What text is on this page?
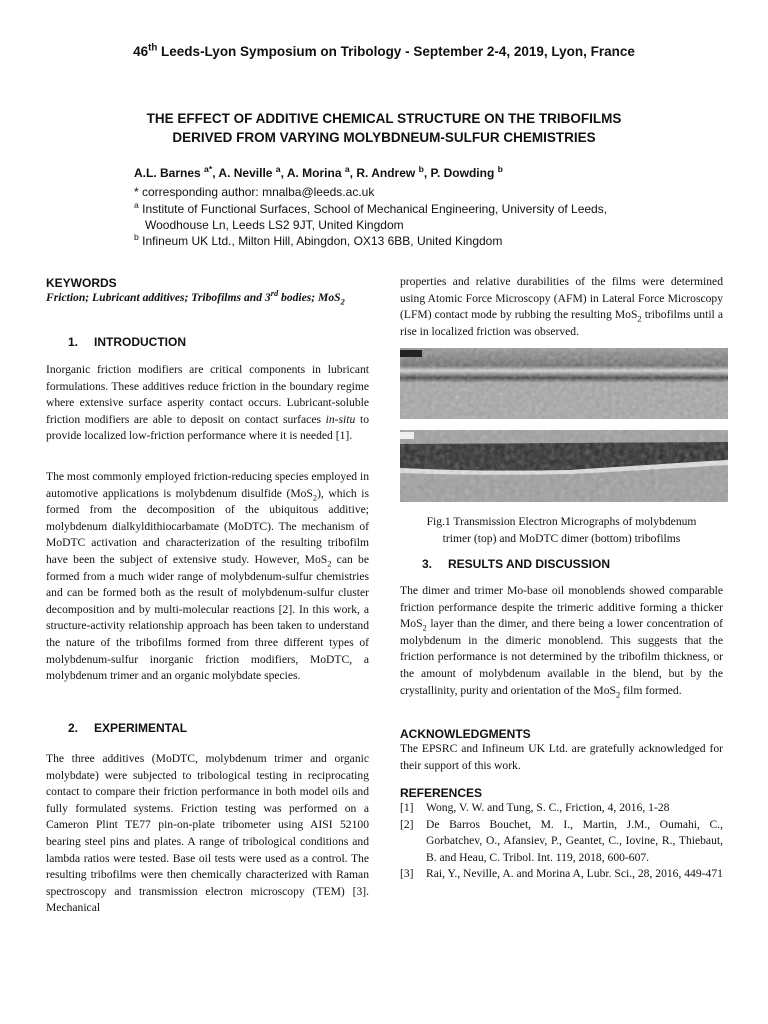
46th Leeds-Lyon Symposium on Tribology - September 2-4, 2019, Lyon, France
THE EFFECT OF ADDITIVE CHEMICAL STRUCTURE ON THE TRIBOFILMS
DERIVED FROM VARYING MOLYBDNEUM-SULFUR CHEMISTRIES
A.L. Barnes $^{a*}$, A. Neville $^a$, A. Morina $^a$, R. Andrew $^b$, P. Dowding $^b$
* corresponding author: mnalba@leeds.ac.uk
$^a$ Institute of Functional Surfaces, School of Mechanical Engineering, University of Leeds,
Woodhouse Ln, Leeds LS2 9JT, United Kingdom
$^b$ Infineum UK Ltd., Milton Hill, Abingdon, OX13 6BB, United Kingdom
KEYWORDS
Friction; Lubricant additives; Tribofilms and 3rd bodies; MoS$_2$
1. INTRODUCTION
Inorganic friction modifiers are critical components in lubricant formulations. These additives reduce friction in the boundary regime where extensive surface asperity contact occurs. Lubricant-soluble friction modifiers are able to deposit on contact surfaces in-situ to provide localized low-friction performance where it is needed [1].
The most commonly employed friction-reducing species employed in automotive applications is molybdenum disulfide (MoS$_2$), which is formed from the decomposition of the ubiquitous additive; molybdenum dialkyldithiocarbamate (MoDTC). The mechanism of MoDTC activation and characterization of the resulting tribofilm have been the subject of extensive study. However, MoS$_2$ can be formed from a much wider range of molybdenum-sulfur chemistries and can be formed both as the result of molybdenum-sulfur cluster decomposition and by multi-molecular reactions [2]. In this work, a structure-activity relationship approach has been taken to understand the nature of the tribofilms formed from three different types of molybdenum-sulfur inorganic friction modifiers, MoDTC, a molybdenum trimer and an organic molybdate species.
2. EXPERIMENTAL
The three additives (MoDTC, molybdenum trimer and organic molybdate) were subjected to tribological testing in reciprocating contact to compare their friction performance in both model oils and fully formulated systems. Friction testing was performed on a Cameron Plint TE77 pin-on-plate tribometer using AISI 52100 bearing steel pins and plates. A range of tribological conditions and lambda ratios were tested. Base oil tests were used as a control. The resulting tribofilms were then chemically characterized with Raman spectroscopy and transmission electron microscopy (TEM) [3]. Mechanical
properties and relative durabilities of the films were determined using Atomic Force Microscopy (AFM) in Lateral Force Microscopy (LFM) contact mode by rubbing the resulting MoS$_2$ tribofilms until a rise in localized friction was observed.
Fig.1 Transmission Electron Micrographs of molybdenum
trimer (top) and MoDTC dimer (bottom) tribofilms
3. RESULTS AND DISCUSSION
The dimer and trimer Mo-base oil monoblends showed comparable friction performance despite the trimeric additive forming a thicker MoS$_2$ layer than the dimer, and there being a lower concentration of molybdenum in the dimeric monoblend. This suggests that the friction performance is not determined by the tribofilm thickness, or the amount of molybdenum available in the blend, but by the crystallinity, purity and orientation of the MoS$_2$ film formed.
ACKNOWLEDGMENTS
The EPSRC and Infineum UK Ltd. are gratefully acknowledged for their support of this work.
REFERENCES
[1]	Wong, V. W. and Tung, S. C., Friction, 4, 2016, 1-28
[2]	De Barros Bouchet, M. I., Martin, J.M., Oumahi, C., Gorbatchev, O., Afansiev, P., Geantet, C., Iovine, R., Thiebaut, B. and Heau, C. Tribol. Int. 119, 2018, 600-607.
[3]	Rai, Y., Neville, A. and Morina A, Lubr. Sci., 28, 2016, 449-471
